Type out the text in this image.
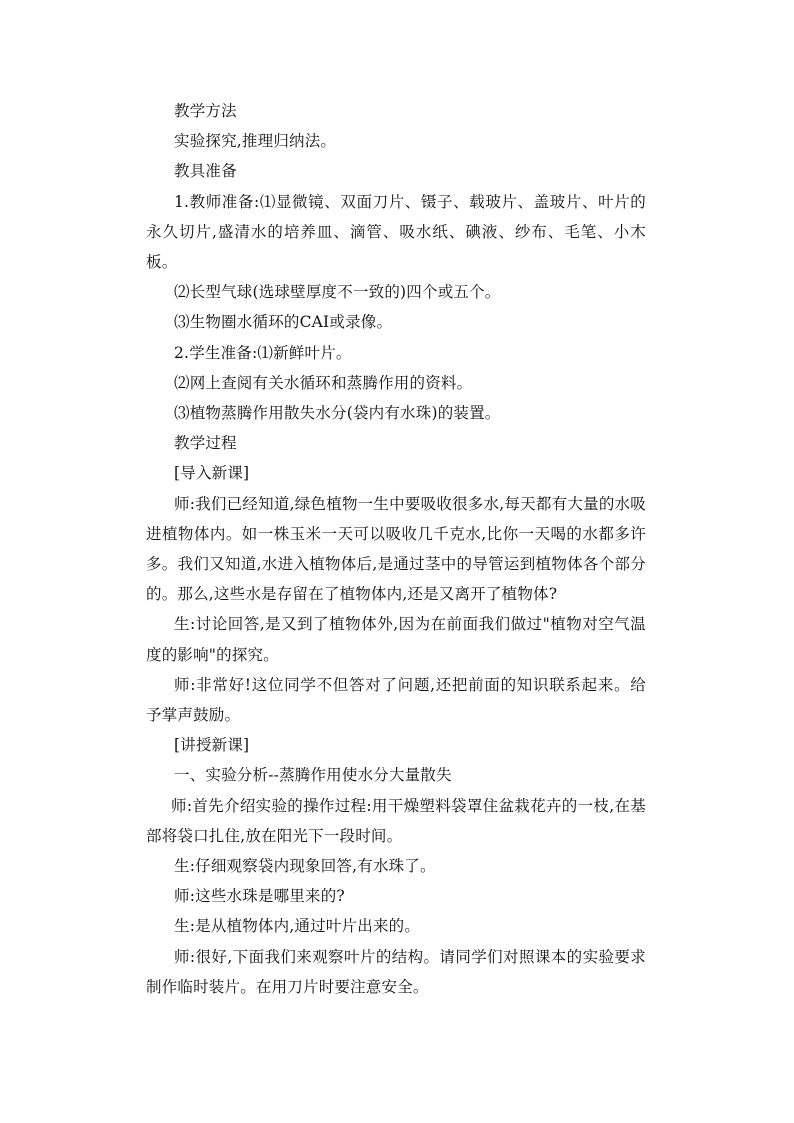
教学方法

实验探究,推理归纳法。

教具准备

1.教师准备:⑴显微镜、双面刀片、镊子、载玻片、盖玻片、叶片的永久切片,盛清水的培养皿、滴管、吸水纸、碘液、纱布、毛笔、小木板。

⑵长型气球(选球壁厚度不一致的)四个或五个。

⑶生物圈水循环的CAI或录像。

2.学生准备:⑴新鲜叶片。

⑵网上查阅有关水循环和蒸腾作用的资料。

⑶植物蒸腾作用散失水分(袋内有水珠)的装置。

教学过程

[导入新课]

师:我们已经知道,绿色植物一生中要吸收很多水,每天都有大量的水吸进植物体内。如一株玉米一天可以吸收几千克水,比你一天喝的水都多许多。我们又知道,水进入植物体后,是通过茎中的导管运到植物体各个部分的。那么,这些水是存留在了植物体内,还是又离开了植物体?

生:讨论回答,是又到了植物体外,因为在前面我们做过"植物对空气温度的影响"的探究。

师:非常好!这位同学不但答对了问题,还把前面的知识联系起来。给予掌声鼓励。

[讲授新课]

一、实验分析--蒸腾作用使水分大量散失

师:首先介绍实验的操作过程:用干燥塑料袋罩住盆栽花卉的一枝,在基部将袋口扎住,放在阳光下一段时间。

生:仔细观察袋内现象回答,有水珠了。

师:这些水珠是哪里来的?

生:是从植物体内,通过叶片出来的。

师:很好,下面我们来观察叶片的结构。请同学们对照课本的实验要求制作临时装片。在用刀片时要注意安全。
